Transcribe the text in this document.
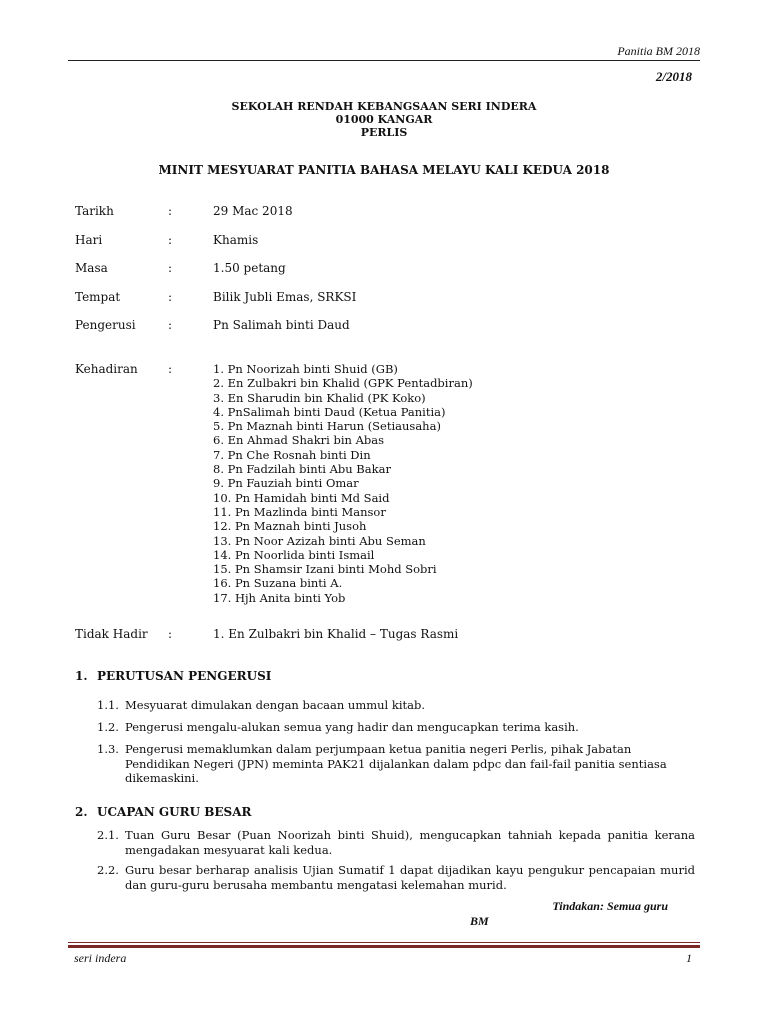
Panitia BM 2018
2/2018
SEKOLAH RENDAH KEBANGSAAN SERI INDERA
01000 KANGAR
PERLIS
MINIT MESYUARAT PANITIA BAHASA MELAYU KALI KEDUA 2018
Tarikh	:	29 Mac 2018
Hari	:	Khamis
Masa	:	1.50 petang
Tempat	:	Bilik Jubli Emas, SRKSI
Pengerusi	:	Pn Salimah binti Daud
Kehadiran	:	1. Pn Noorizah binti Shuid (GB)
2. En Zulbakri bin Khalid (GPK Pentadbiran)
3. En Sharudin bin Khalid (PK Koko)
4. PnSalimah binti Daud (Ketua Panitia)
5. Pn Maznah binti Harun (Setiausaha)
6. En Ahmad Shakri bin Abas
7. Pn Che Rosnah binti Din
8. Pn Fadzilah binti Abu Bakar
9. Pn Fauziah binti Omar
10. Pn Hamidah binti Md Said
11. Pn Mazlinda binti Mansor
12. Pn Maznah binti Jusoh
13. Pn Noor Azizah binti Abu Seman
14. Pn Noorlida binti Ismail
15. Pn Shamsir Izani binti Mohd Sobri
16. Pn Suzana binti A.
17. Hjh Anita binti Yob
Tidak Hadir	:	1. En Zulbakri bin Khalid – Tugas Rasmi
1. PERUTUSAN PENGERUSI
1.1. Mesyuarat dimulakan dengan bacaan ummul kitab.
1.2. Pengerusi mengalu-alukan semua yang hadir dan mengucapkan terima kasih.
1.3. Pengerusi memaklumkan dalam perjumpaan ketua panitia negeri Perlis, pihak Jabatan Pendidikan Negeri (JPN) meminta PAK21 dijalankan dalam pdpc dan fail-fail panitia sentiasa dikemaskini.
2. UCAPAN GURU BESAR
2.1. Tuan Guru Besar (Puan Noorizah binti Shuid), mengucapkan tahniah kepada panitia kerana mengadakan mesyuarat kali kedua.
2.2. Guru besar berharap analisis Ujian Sumatif 1 dapat dijadikan kayu pengukur pencapaian murid dan guru-guru berusaha membantu mengatasi kelemahan murid.
Tindakan: Semua guru
BM
seri indera	1
